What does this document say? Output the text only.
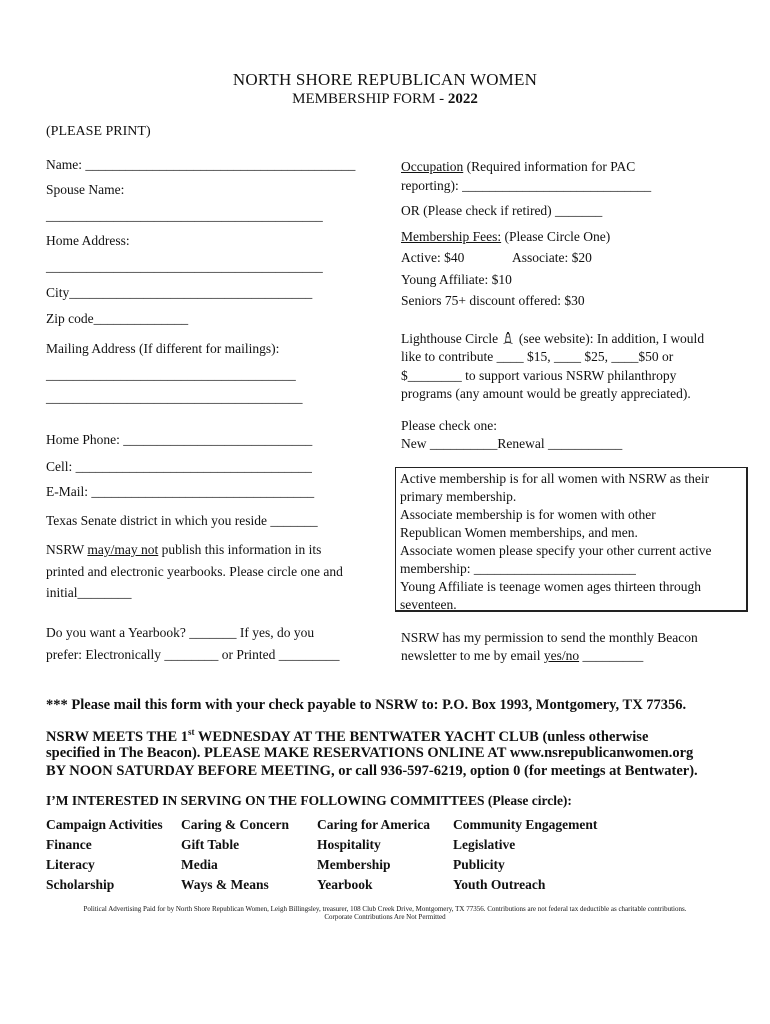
NORTH SHORE REPUBLICAN WOMEN
MEMBERSHIP FORM - 2022
(PLEASE PRINT)
Name: ________________________________________
Spouse Name:
_________________________________________
Home Address:
_________________________________________
City____________________________________
Zip code______________
Mailing Address (If different for mailings):
_____________________________________
______________________________________
Home Phone: ____________________________
Cell: ___________________________________
E-Mail: _________________________________
Texas Senate district in which you reside _______
NSRW may/may not publish this information in its
printed and electronic yearbooks. Please circle one and
initial________
Do you want a Yearbook? _______ If yes, do you
prefer: Electronically ________ or Printed _________
Occupation (Required information for PAC
reporting): ____________________________
OR (Please check if retired) _______
Membership Fees: (Please Circle One)
Active: $40	Associate: $20
Young Affiliate: $10
Seniors 75+ discount offered: $30
Lighthouse Circle (see website): In addition, I would
like to contribute ____ $15, ____ $25, ____$50 or
$________ to support various NSRW philanthropy
programs (any amount would be greatly appreciated).
Please check one:
New __________Renewal ___________
Active membership is for all women with NSRW as their
primary membership.
Associate membership is for women with other
Republican Women memberships, and men.
Associate women please specify your other current active
membership: ________________________
Young Affiliate is teenage women ages thirteen through
seventeen.
NSRW has my permission to send the monthly Beacon
newsletter to me by email yes/no _________
*** Please mail this form with your check payable to NSRW to: P.O. Box 1993, Montgomery, TX 77356.
NSRW MEETS THE 1st WEDNESDAY AT THE BENTWATER YACHT CLUB (unless otherwise
specified in The Beacon). PLEASE MAKE RESERVATIONS ONLINE AT www.nsrepublicanwomen.org
BY NOON SATURDAY BEFORE MEETING, or call 936-597-6219, option 0 (for meetings at Bentwater).
I’M INTERESTED IN SERVING ON THE FOLLOWING COMMITTEES (Please circle):
Campaign Activities
Finance
Literacy
Scholarship
Caring & Concern
Gift Table
Media
Ways & Means
Caring for America
Hospitality
Membership
Yearbook
Community Engagement
Legislative
Publicity
Youth Outreach
Political Advertising Paid for by North Shore Republican Women, Leigh Billingsley, treasurer, 108 Club Creek Drive, Montgomery, TX 77356. Contributions are not federal tax deductible as charitable contributions.
Corporate Contributions Are Not Permitted
